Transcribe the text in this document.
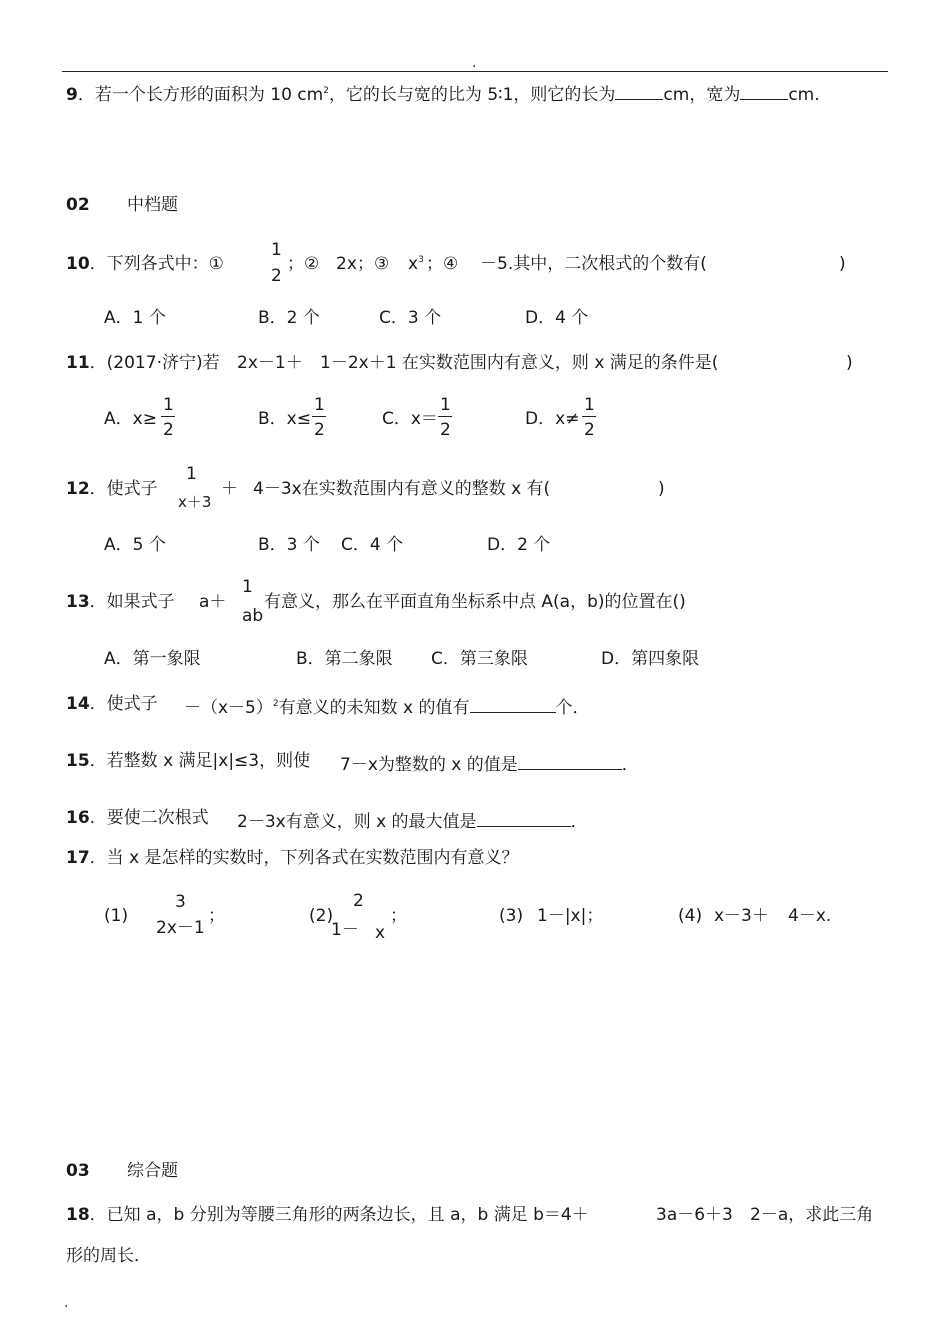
.
9．若一个长方形的面积为 10 $cm^2$，它的长与宽的比为 5∶1，则它的长为	cm，宽为	cm.
02 中档题
10．下列各式中：①
1
2
；② 2x ；③ $x^3$ ；④ －5.其中，二次根式的个数有(	)
A．1 个	B．2 个	C．3 个	D．4 个
11．(2017·济宁)若 2x－1＋ 1－2x＋1 在实数范围内有意义，则 x 满足的条件是(	)
A．x≥
1
2
B．x≤
1
2
C．x＝
1
2
D．x≠
1
2
12．使式子
1
x＋3
＋ 4－3x在实数范围内有意义的整数 x 有(	)
A．5 个	B．3 个 C．4 个	D．2 个
13．如果式子 a＋
1
ab
有意义，那么在平面直角坐标系中点 A(a，b)的位置在()
A．第一象限	B．第二象限 C．第三象限	D．第四象限
14．使式子 $-(x-5)^2$有意义的未知数 x 的值有	个．
15．若整数 x 满足|x|≤3，则使 7－x为整数的 x 的值是	．
16．要使二次根式 2－3x有意义，则 x 的最大值是	．
17．当 x 是怎样的实数时，下列各式在实数范围内有意义？
(1)
3
2x－1
；	(2)
2
1－ x
；	(3) 1－|x|；	(4) x－3＋ 4－x.
03 综合题
18．已知 a，b 分别为等腰三角形的两条边长，且 a，b 满足 b＝4＋	3a－6＋3 2－a，求此三角
形的周长．
.
